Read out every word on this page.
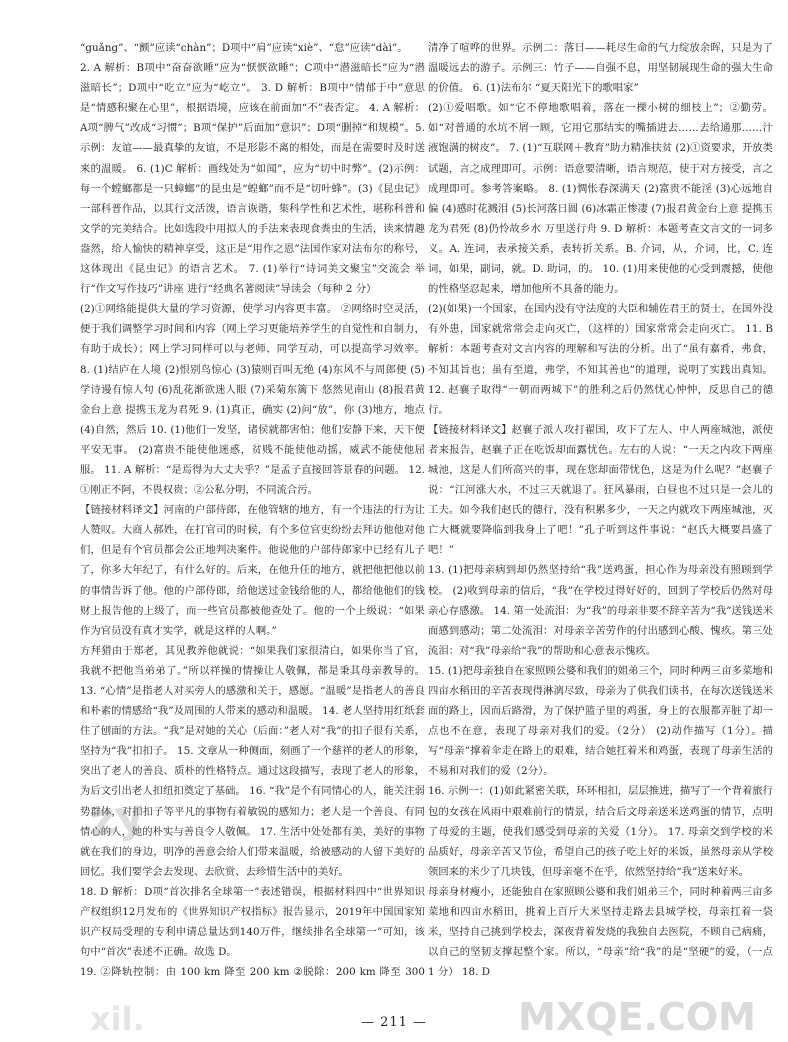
“guǎng”、“颤”应读“chàn”；D项中“肩”应读“xiè”、“怠”应读“dài”。

2. A 解析：B项中“奋奋欲睡”应为“恹恹欲睡”；C项中“潜滋暗长”应为“潜滋暗长”；D项中“吃立”应为“屹立”。 3. D 解析：B项中“情郁于中”意思是“情感积聚在心里”，根据语境，应该在前面加“不”表否定。 4. A 解析：A项“脾气”改成“习惯”；B项“保护”后面加“意识”；D项“删掉“和规模”。5. 示例：友谊——最真挚的友谊，不是形影不离的相处，而是在需要时及时送来的温暖。 6. (1)C 解析：画线处为“如闻”，应为“切中时弊”。(2)示例：每一个螳螂都是一只蟑螂”的昆虫是“蝗螂”而不是“切叶蜂”。(3)《昆虫记》一部科普作品，以其行文活泼，语言诙谐，集科学性和艺术性，堪称科普和文学的完美结合。比如选段中用拟人的手法来表现食粪虫的生活，读来情趣盎然，给人愉快的精神享受，这正是“用作之恩”法国作家对法布尔的称号，这体现出《昆虫记》的语言艺术。 7. (1)举行“诗词美文聚宝”交流会 举行“作文写作技巧”讲座 进行“经典名著阅读”导读会（每种 2 分）

(2)①网络能提供大量的学习资源，使学习内容更丰富。 ②网络时空灵活，便于我们调整学习时间和内容（网上学习更能培养学生的自觉性和自制力，有助于成长）；网上学习同样可以与老师、同学互动，可以提高学习效率。 8. (1)结庐在人境 (2)恨别鸟惊心 (3)猿则百叫无绝 (4)东风不与周郎便 (5)学诗谩有惊人句 (6)乱花渐欲迷人眼 (7)采菊东篱下 悠然见南山 (8)报君黄金台上意 提携玉龙为君死 9. (1)真正，确实 (2)问“放”，你 (3)地方，地点 (4)自然，然后 10. (1)他们一发坚，诸侯就都害怕；他们安静下来，天下便平安无事。 (2)富贵不能使他迷惑，贫贱不能使他动摇，威武不能使他屈服。 11. A 解析：“是焉得为大丈夫乎？”是孟子直接回答景春的问题。 12. ①刚正不阿，不畏权贵；②公私分明，不同流合污。

【链接材料译文】河南的户部侍郎，在他管辖的地方，有一个违法的行为让人赞叹。大商人郝姓，在打官司的时候，有个多位官吏纷纷去拜访他他对他们，但是有个官员都会公正地判决案件。他说他的户部侍郎家中已经有儿子了，你多大年纪了，有什么好的。后来，在他升任的地方，就把他把他以前的事情告诉了他。他的户部侍郎，给他送过金钱给他的人，都给他他们的钱财上报告他的上级了，而一些官员都被他查处了。他的一个上级说：“如果作为官员没有真才实学，就是这样的人啊。”

方拜猎由于郑老，其见教养他就说：“如果我们家很清白，如果你当了官，我就不把他当弟弟了。”所以祥操的情操让人敬佩，都是秉其母亲教导的。 13. “心情”是指老人对买旁人的感激和关于，感愿。“温暖”是指老人的善良和朴素的情感给“我”及周围的人带来的感动和温暖。 14. 老人坚持用红纸套住了刨面的方法。“我”是对她的关心（后面：”老人对“我”的扣子很有关系，坚持为“我”扣扣子。 15. 文章从一种侧面，刻画了一个慈祥的老人的形象，突出了老人的善良、质朴的性格特点。通过这段描写，表现了老人的形象，为后文引出老人扣纽扣奠定了基础。 16. “我”是个有同情心的人，能关注弱势群体，对扣扣子等平凡的事物有着敏锐的感知力；老人是一个善良、有同情心的人，她的朴实与善良令人敬佩。 17. 生活中处处都有美，美好的事物就在我们的身边，明净的善意会给人们带来温暖，给被感动的人留下美好的回忆。我们要学会去发现、去欣赏、去珍惜生活中的美好。

18. D 解析：D项“首次排名全球第一”表述错误，根据材料四中“世界知识产权组织12月发布的《世界知识产权指标》报告显示，2019年中国国家知识产权局受理的专利申请总量达到140万件，继续排名全球第一”可知，该句中“首次”表述不正确。故选 D。

19. ②降轨控制：由 100 km 降至 200 km ②脱除：200 km 降至 300

清净了喧哗的世界。示例二：落日——耗尽生命的气力绽放余晖，只是为了温暖远去的游子。示例三：竹子——自强不息，用坚韧展现生命的强大生命的价值。 6. (1)法布尔 “夏天阳光下的歌唱家”

(2)①爱唱歌。如“它不停地歌唱着，落在一棵小树的细枝上”；②勤劳。如“对普通的水坑不屑一顾，它用它那结实的嘴插进去……去给通那……汁液饱满的树皮”。 7. (1)“互联网＋教育”助力精准扶贫 (2)①资要求，开放类试题，言之成理即可。示例：语意要清晰，语言规范，使于对方接受，言之成理即可。参考答案略。 8. (1)惆怅春深满天 (2)富贵不能淫 (3)心远地自偏 (4)感时花溅泪 (5)长河落日圆 (6)冰霜正惨凄 (7)报君黄金台上意 提携玉龙为君死 (8)仍怜故乡水 万里送行舟 9. D 解析：本题考查文言文的一词多义。A. 连词，表承接关系，表转折关系。B. 介词，从，介词，比，C. 连词，如果，副词，就。D. 助词，的。 10. (1)用来使他的心受到震撼，使他的性格坚忍起来，增加他所不具备的能力。

(2)(如果)一个国家，在国内没有守法度的大臣和辅佐君王的贤士，在国外没有外患，国家就常常会走向灭亡，（这样的）国家常常会走向灭亡。 11. B 解析：本题考查对文言内容的理解和写法的分析。出了“虽有嘉肴，弗食，不知其旨也；虽有至道，弗学，不知其善也”的道理，说明了实践出真知。 12. 赵襄子取得“一朝而两城下”的胜利之后仍然忧心忡忡，反思自己的德行。

【链接材料译文】赵襄子派人攻打翟国，攻下了左人、中人两座城池，派使者来报告，赵襄子正在吃饭却面露忧色。左右的人说：“一天之内攻下两座城池，这是人们所高兴的事，现在您却面带忧色，这是为什么呢？”赵襄子说：“江河涨大水，不过三天就退了。狂风暴雨，白昼也不过只是一会儿的工夫。如今我们赵氏的德行，没有积累多少，一天之内就攻下两座城池，灭亡大概就要降临到我身上了吧！”孔子听到这件事说：“赵氏大概要昌盛了吧！”

13. (1)把母亲病到却仍然坚持给“我”送鸡蛋，担心作为母亲没有照顾到学校。 (2)收到母亲的信后，“我”在学校过得好好的，回到了学校后仍然对母亲心存感激。 14. 第一处流泪：为“我”的母亲非要不辞辛苦为“我”送钱送米面感到感动；第二处流泪：对母亲辛苦劳作的付出感到心酸、愧疚。第三处流泪：对“我”母亲给“我”的帮助和心意表示愧疚。

15. (1)把母亲独自在家照顾公婆和我们的姐弟三个，同时种两三亩多菜地和四亩水稻田的辛苦表现得淋漓尽致，母亲为了供我们读书，在每次送钱送米面的路上，因而后路滑，为了保护篮子里的鸡蛋，身上的衣服都弄脏了却一点也不在意，表现了母亲对我们的爱。（2分） (2)动作描写（1分）。描写“母亲”撑着伞走在路上的艰难，结合她扛着米和鸡蛋，表现了母亲生活的不易和对我们的爱（2分）。

16. 示例一：(1)如此紧密关联，环环相扣，层层推进，描写了一个背着旅行包的女孩在风雨中艰难前行的情景，结合后文母亲送米送鸡蛋的情节，点明了母爱的主题，使我们感受到母亲的关爱（1分）。 17. 母亲交到学校的米品质好，母亲辛苦又节俭，希望自己的孩子吃上好的米饭，虽然母亲从学校领回来的米少了几块钱，但母亲毫不在乎，依然坚持给“我”送来好米。

母亲身材瘦小，还能独自在家照顾公婆和我们姐弟三个，同时种着两三亩多菜地和四亩水稻田，挑着上百斤大米坚持走路去县城学校，母亲扛着一袋米，坚持自己挑到学校去，深夜背着发烧的我独自去医院，不顾自己病痛，以自己的坚韧支撑起整个家。所以，“母亲”给“我”的是“坚硬”的爱，（一点 1 分） 18. D

zy
xil.	MXQE.COM
— 211 —
